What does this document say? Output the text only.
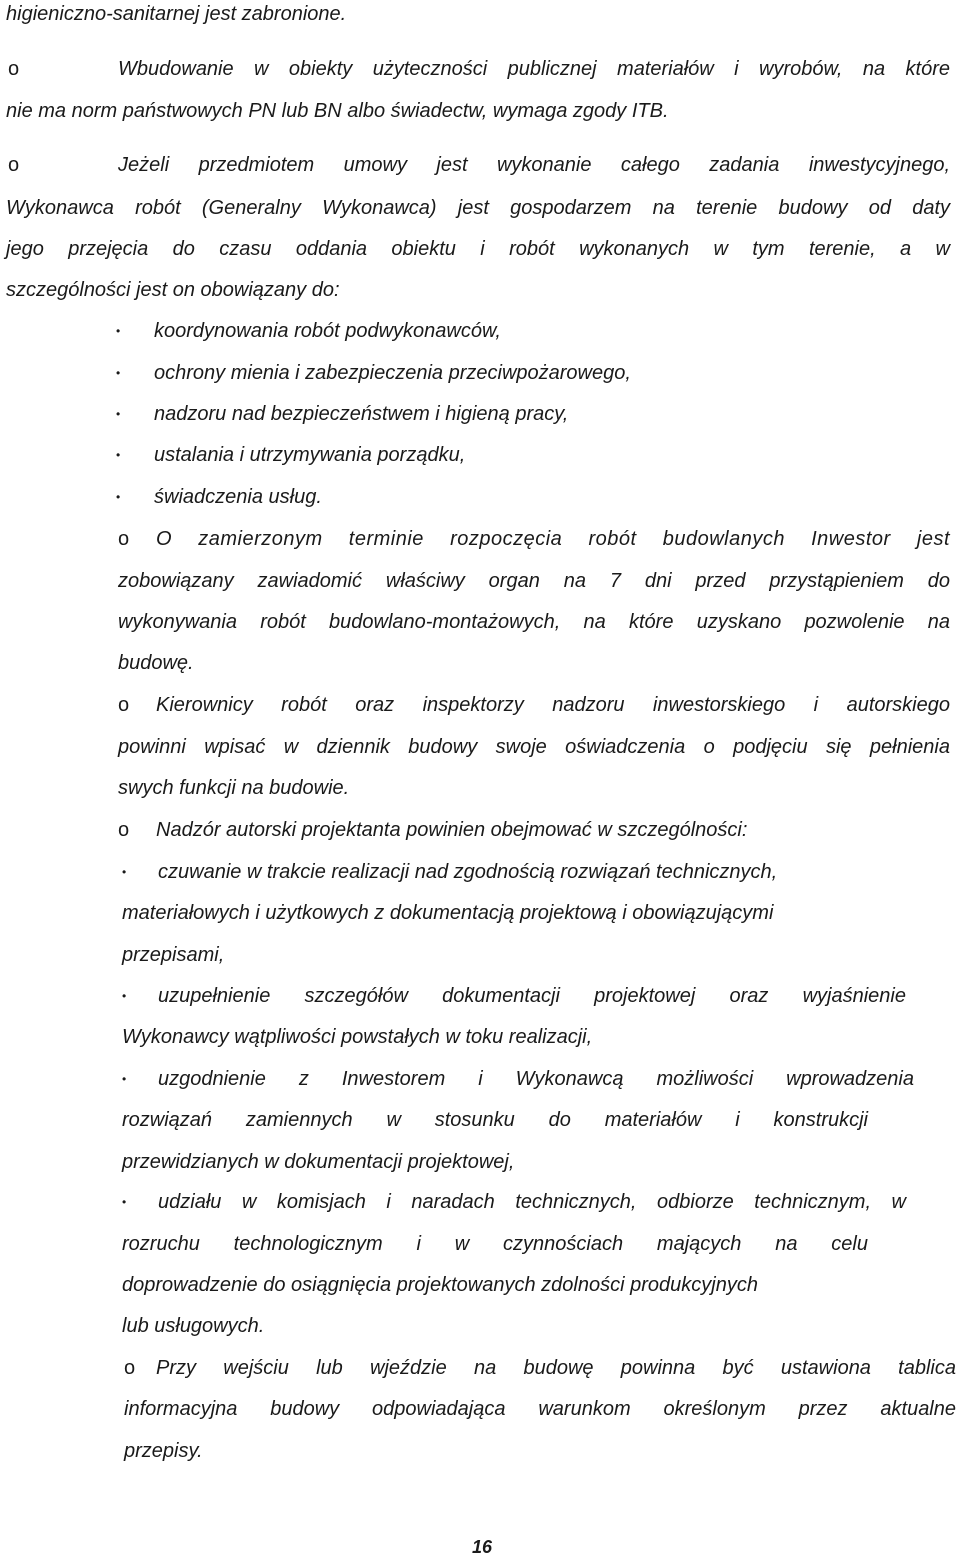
higieniczno-sanitarnej jest zabronione.
o	Wbudowanie w obiekty użyteczności publicznej materiałów i wyrobów, na które
nie ma norm państwowych PN lub BN albo świadectw, wymaga zgody ITB.
o	Jeżeli przedmiotem umowy jest wykonanie całego zadania inwestycyjnego,
Wykonawca robót (Generalny Wykonawca) jest gospodarzem na terenie budowy od daty
jego przejęcia do czasu oddania obiektu i robót wykonanych w tym terenie, a w
szczególności jest on obowiązany do:
• koordynowania robót podwykonawców,
• ochrony mienia i zabezpieczenia przeciwpożarowego,
• nadzoru nad bezpieczeństwem i higieną pracy,
• ustalania i utrzymywania porządku,
• świadczenia usług.
o O zamierzonym terminie rozpoczęcia robót budowlanych Inwestor jest
zobowiązany zawiadomić właściwy organ na 7 dni przed przystąpieniem do
wykonywania robót budowlano-montażowych, na które uzyskano pozwolenie na
budowę.
o Kierownicy robót oraz inspektorzy nadzoru inwestorskiego i autorskiego
powinni wpisać w dziennik budowy swoje oświadczenia o podjęciu się pełnienia
swych funkcji na budowie.
o Nadzór autorski projektanta powinien obejmować w szczególności:
• czuwanie w trakcie realizacji nad zgodnością rozwiązań technicznych,
materiałowych i użytkowych z dokumentacją projektową i obowiązującymi
przepisami,
• uzupełnienie szczegółów dokumentacji projektowej oraz wyjaśnienie
Wykonawcy wątpliwości powstałych w toku realizacji,
• uzgodnienie z Inwestorem i Wykonawcą możliwości wprowadzenia
rozwiązań zamiennych w stosunku do materiałów i konstrukcji
przewidzianych w dokumentacji projektowej,
• udziału w komisjach i naradach technicznych, odbiorze technicznym, w
rozruchu technologicznym i w czynnościach mających na celu
doprowadzenie do osiągnięcia projektowanych zdolności produkcyjnych
lub usługowych.
o Przy wejściu lub wjeździe na budowę powinna być ustawiona tablica
informacyjna budowy odpowiadająca warunkom określonym przez aktualne
przepisy.
16
